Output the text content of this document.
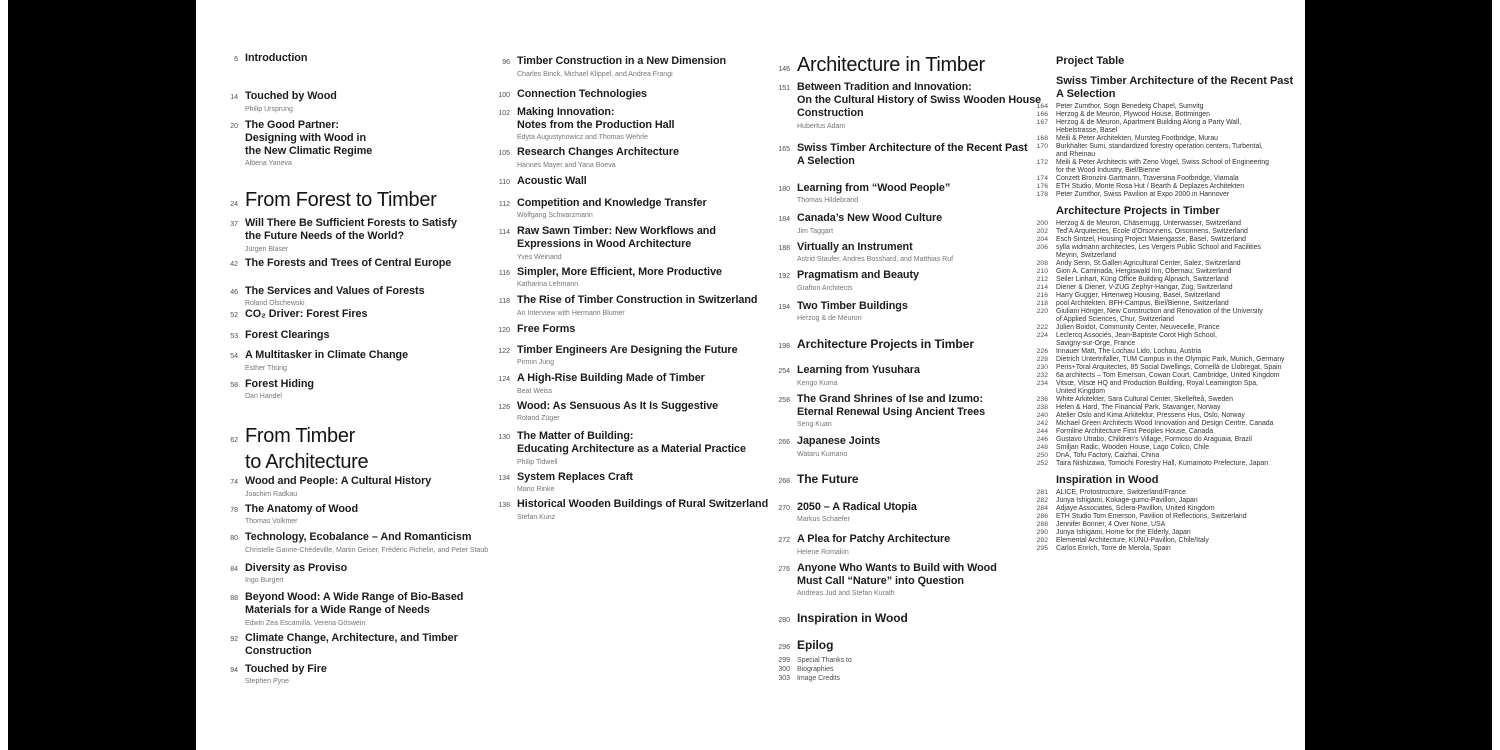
6 Introduction
14 Touched by Wood
Philip Ursprung
20 The Good Partner:
Designing with Wood in
the New Climatic Regime
Albena Yaneva
24 From Forest to Timber
37 Will There Be Sufficient Forests to Satisfy
the Future Needs of the World?
Jürgen Blaser
42 The Forests and Trees of Central Europe
46 The Services and Values of Forests
Roland Olschewski
52 CO₂ Driver: Forest Fires
53 Forest Clearings
54 A Multitasker in Climate Change
Esther Thürig
58 Forest Hiding
Dan Handel
62 From Timber
to Architecture
74 Wood and People: A Cultural History
Joachim Radkau
78 The Anatomy of Wood
Thomas Volkmer
80 Technology, Ecobalance – And Romanticism
Christelle Ganne-Chédeville, Martin Geiser, Frédéric Pichelin, and Peter Staub
84 Diversity as Proviso
Ingo Burgert
88 Beyond Wood: A Wide Range of Bio-Based
Materials for a Wide Range of Needs
Edwin Zea Escamilla, Verena Göswein
92 Climate Change, Architecture, and Timber
Construction
94 Touched by Fire
Stephen Pyne
96 Timber Construction in a New Dimension
Charles Binck, Michael Klippel, and Andrea Frangi
100 Connection Technologies
102 Making Innovation:
Notes from the Production Hall
Edyta Augustynowicz and Thomas Wehrle
105 Research Changes Architecture
Hannes Mayer and Yana Boeva
110 Acoustic Wall
112 Competition and Knowledge Transfer
Wolfgang Schwarzmann
114 Raw Sawn Timber: New Workflows and
Expressions in Wood Architecture
Yves Weinand
116 Simpler, More Efficient, More Productive
Katharina Lehmann
118 The Rise of Timber Construction in Switzerland
An Interview with Hermann Blumer
120 Free Forms
122 Timber Engineers Are Designing the Future
Pirmin Jung
124 A High-Rise Building Made of Timber
Beat Weiss
126 Wood: As Sensuous As It Is Suggestive
Roland Züger
130 The Matter of Building:
Educating Architecture as a Material Practice
Philip Tidwell
134 System Replaces Craft
Mario Rinke
138 Historical Wooden Buildings of Rural Switzerland
Stefan Kunz
146 Architecture in Timber
151 Between Tradition and Innovation:
On the Cultural History of Swiss Wooden House
Construction
Hubertus Adam
165 Swiss Timber Architecture of the Recent Past
A Selection
180 Learning from “Wood People”
Thomas Hildebrand
184 Canada’s New Wood Culture
Jim Taggart
188 Virtually an Instrument
Astrid Staufer, Andres Bosshard, and Matthias Ruf
192 Pragmatism and Beauty
Grafton Architects
194 Two Timber Buildings
Herzog & de Meuron
198 Architecture Projects in Timber
254 Learning from Yusuhara
Kengo Kuma
258 The Grand Shrines of Ise and Izumo:
Eternal Renewal Using Ancient Trees
Seng Kuan
266 Japanese Joints
Wataru Kumano
268 The Future
270 2050 – A Radical Utopia
Markus Schaefer
272 A Plea for Patchy Architecture
Helene Romakin
276 Anyone Who Wants to Build with Wood
Must Call “Nature” into Question
Andreas Jud and Stefan Kurath
280 Inspiration in Wood
296 Epilog
299 Special Thanks to
300 Biographies
303 Image Credits
Project Table
Swiss Timber Architecture of the Recent Past
A Selection
164 Peter Zumthor, Sogn Benedetg Chapel, Sumvitg
166 Herzog & de Meuron, Plywood House, Bottmingen
167 Herzog & de Meuron, Apartment Building Along a Party Wall,
Hebelstrasse, Basel
168 Meili & Peter Architekten, Mursteg Footbridge, Murau
170 Burkhalter Sumi, standardized forestry operation centers, Turbental,
and Rheinau
172 Meili & Peter Architects with Zeno Vogel, Swiss School of Engineering
for the Wood Industry, Biel/Bienne
174 Conzett Bronzini Gartmann, Traversina Footbridge, Viamala
176 ETH Studio, Monte Rosa Hut / Bearth & Deplazes Architekten
178 Peter Zumthor, Swiss Pavilion at Expo 2000 in Hannover
Architecture Projects in Timber
200 Herzog & de Meuron, Chäserrugg, Unterwasser, Switzerland
202 Ted’A Arquitectes, Ecole d’Orsonnens, Orsonnens, Switzerland
204 Esch Sintzel, Housing Project Maiengasse, Basel, Switzerland
206 sylla widmann architectes, Les Vergers Public School and Facilities
Meyrin, Switzerland
208 Andy Senn, St.Gallen Agricultural Center, Salez, Switzerland
210 Gion A. Caminada, Hergiswald Inn, Obernau, Switzerland
212 Seiler Linhart, Küng Office Building Alpnach, Switzerland
214 Diener & Diener, V-ZUG Zephyr-Hangar, Zug, Switzerland
216 Harry Gugger, Hirtenweg Housing, Basel, Switzerland
218 pool Architekten, BFH-Campus, Biel/Bienne, Switzerland
220 Giuliani Hönger, New Construction and Renovation of the University
of Applied Sciences, Chur, Switzerland
222 Julien Boidot, Community Center, Neuvecelle, France
224 Leclercq Associés, Jean-Baptiste Corot High School,
Savigny-sur-Orge, France
226 Innauer Matt, The Lochau Lido, Lochau, Austria
228 Dietrich Untertrifaller, TUM Campus in the Olympic Park, Munich, Germany
230 Peris+Toral Arquitectes, 85 Social Dwellings, Cornellà de Llobregat, Spain
232 6a architects – Tom Emerson, Cowan Court, Cambridge, United Kingdom
234 Vitsœ, Vitsœ HQ and Production Building, Royal Leamington Spa,
United Kingdom
236 White Arkitekter, Sara Cultural Center, Skellefteå, Sweden
238 Helen & Hard, The Financial Park, Stavanger, Norway
240 Atelier Oslo and Kima Arkitektur, Pressens Hus, Oslo, Norway
242 Michael Green Architects Wood Innovation and Design Centre, Canada
244 Formline Architecture First Peoples House, Canada
246 Gustavo Utrabo, Children’s Village, Formoso do Araguaia, Brazil
248 Smiljan Radic, Wooden House, Lago Colico, Chile
250 DnA, Tofu Factory, Caizhai, China
252 Taira Nishizawa, Tomochi Forestry Hall, Kumamoto Prefecture, Japan
Inspiration in Wood
281 ALICE, Protostructure, Switzerland/France
282 Junya Ishigami, Kokage-gumo-Pavillon, Japan
284 Adjaye Associates, Sclera-Pavillon, United Kingdom
286 ETH Studio Tom Emerson, Pavilion of Reflections, Switzerland
288 Jennifer Bonner, 4 Over None, USA
290 Junya Ishigami, Home for the Elderly, Japan
292 Elemental Architecture, KÜNÜ-Pavillon, Chile/Italy
295 Carlos Enrich, Torre de Merola, Spain
